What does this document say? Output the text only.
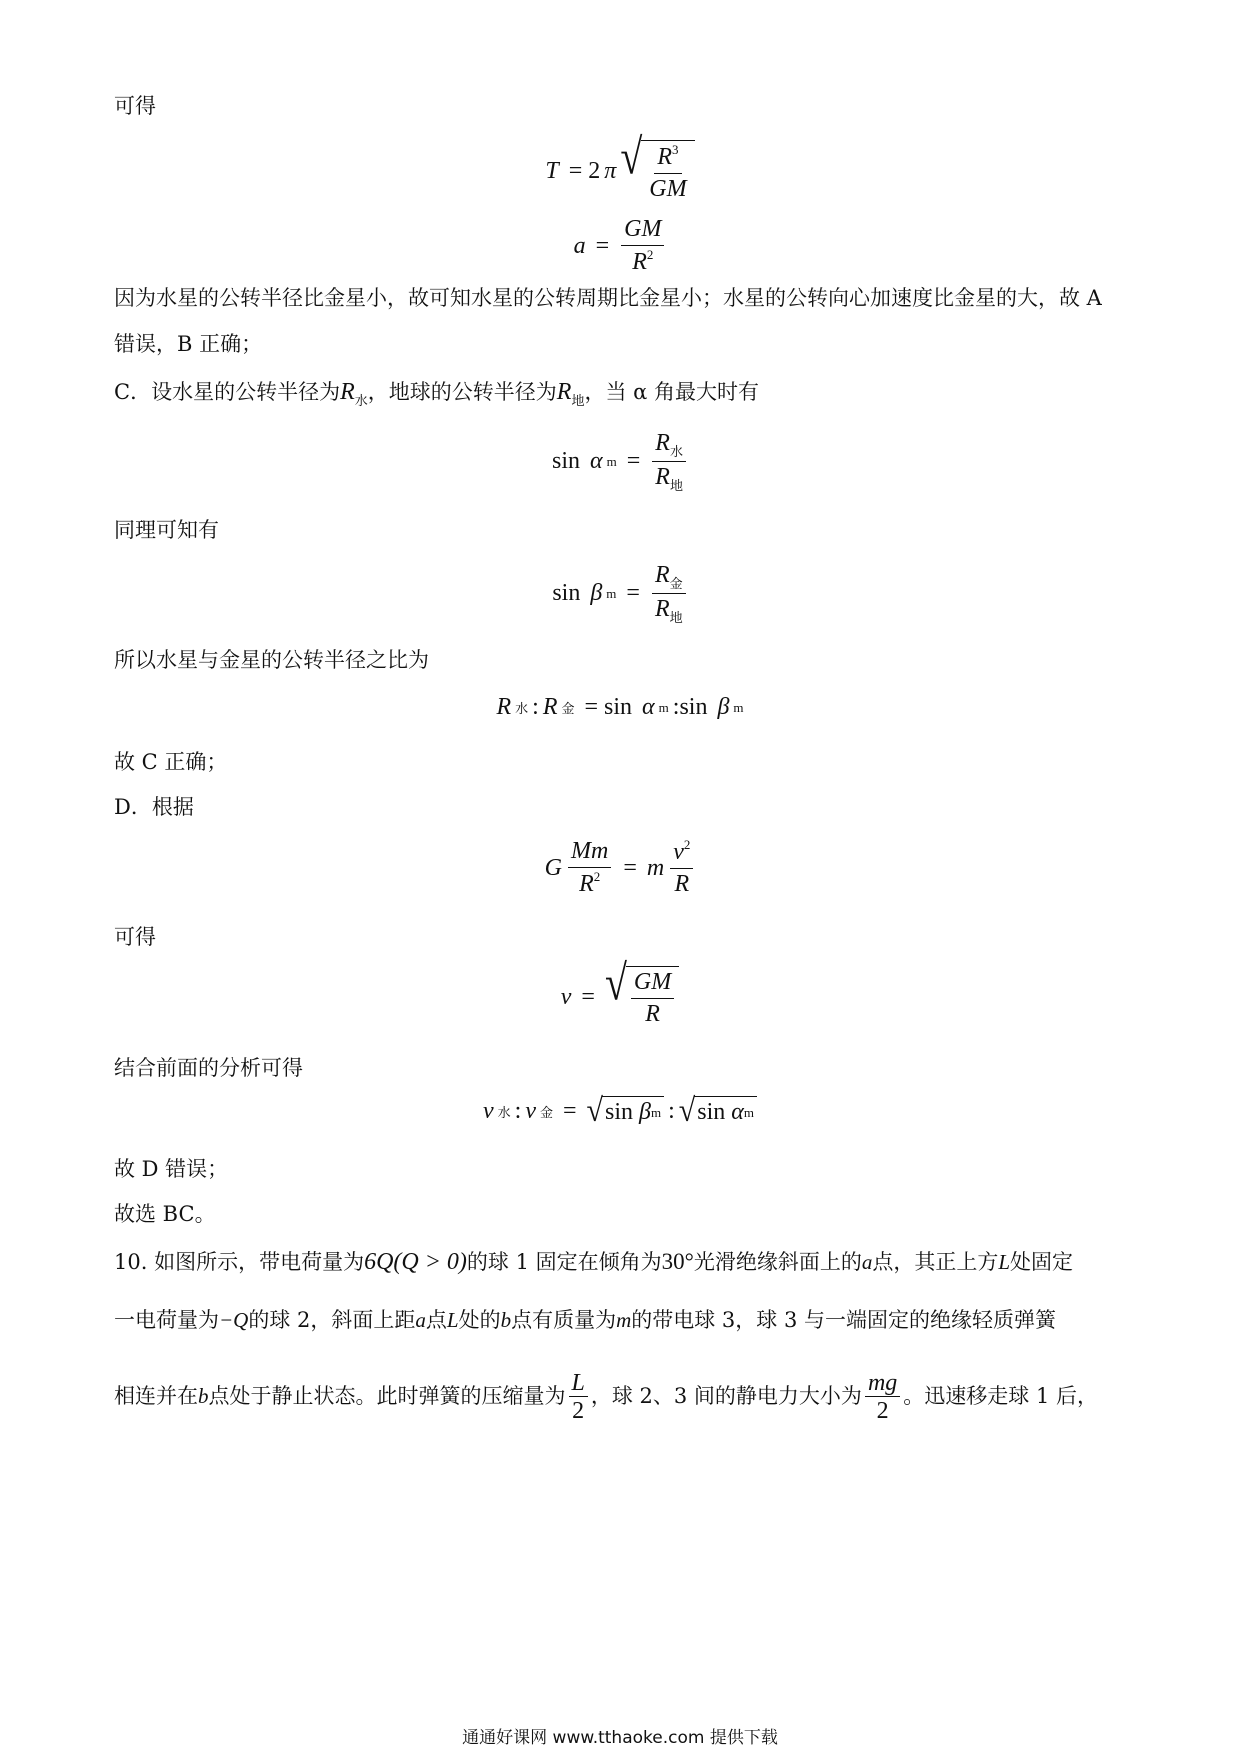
可得
T = 2 π √ $\frac{R^3}{GM}$
$a = \frac{GM}{R^2}$
因为水星的公转半径比金星小，故可知水星的公转周期比金星小；水星的公转向心加速度比金星的大，故 A
错误，B 正确；
C．设水星的公转半径为$R_水$，地球的公转半径为$R_地$，当 α 角最大时有
sin α $m = \frac{R_水}{R_地}$
同理可知有
sin β $m = \frac{R_金}{R_地}$
所以水星与金星的公转半径之比为
R 水 : R 金 = sin α m :sin β m
故 C 正确；
D．根据
G $\frac{Mm}{R^2} = m \frac{v^2}{R}$
可得
v = √ $\frac{GM}{R}$
结合前面的分析可得
v 水 : v 金 = √ sin β m : √ sin α m
故 D 错误；
故选 BC。
10. 如图所示，带电荷量为6Q(Q > 0)的球 1 固定在倾角为30°光滑绝缘斜面上的a点，其正上方L处固定
一电荷量为−Q的球 2，斜面上距a点L处的b点有质量为m的带电球 3，球 3 与一端固定的绝缘轻质弹簧
相连并在b点处于静止状态。此时弹簧的压缩量为 $\frac{L}{2}$ ，球 2、3 间的静电力大小为 $\frac{mg}{2}$ 。迅速移走球 1 后，
通通好课网 www.tthaoke.com 提供下载
